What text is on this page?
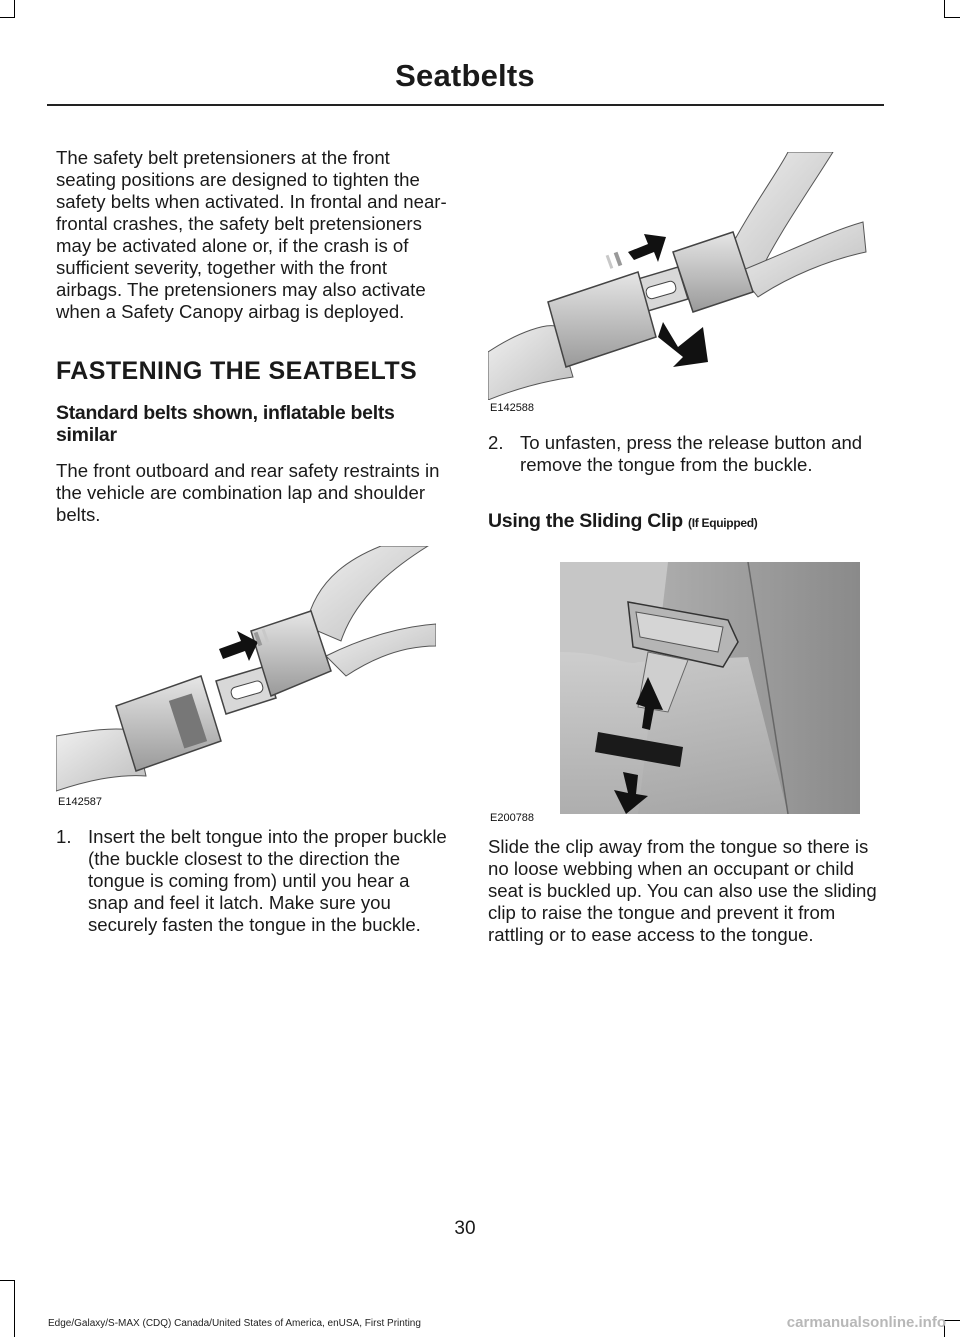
Seatbelts

The safety belt pretensioners at the front seating positions are designed to tighten the safety belts when activated. In frontal and near-frontal crashes, the safety belt pretensioners may be activated alone or, if the crash is of sufficient severity, together with the front airbags. The pretensioners may also activate when a Safety Canopy airbag is deployed.

FASTENING THE SEATBELTS
Standard belts shown, inflatable belts similar

The front outboard and rear safety restraints in the vehicle are combination lap and shoulder belts.

E142587
1. Insert the belt tongue into the proper buckle (the buckle closest to the direction the tongue is coming from) until you hear a snap and feel it latch. Make sure you securely fasten the tongue in the buckle.
E142588
2. To unfasten, press the release button and remove the tongue from the buckle.
Using the Sliding Clip (If Equipped)
E200788

Slide the clip away from the tongue so there is no loose webbing when an occupant or child seat is buckled up. You can also use the sliding clip to raise the tongue and prevent it from rattling or to ease access to the tongue.

30
Edge/Galaxy/S-MAX (CDQ) Canada/United States of America, enUSA, First Printing	carmanualsonline.info
